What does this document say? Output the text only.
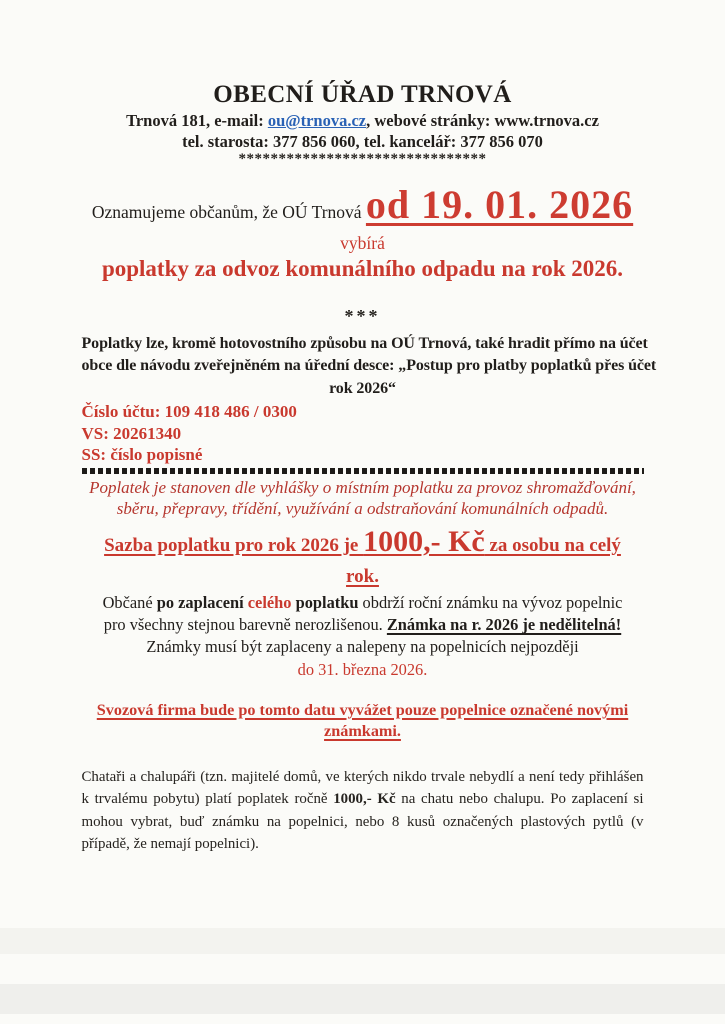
OBECNÍ ÚŘAD TRNOVÁ
Trnová 181, e-mail: ou@trnova.cz, webové stránky: www.trnova.cz
tel. starosta: 377 856 060, tel. kancelář: 377 856 070
*******************************
Oznamujeme občanům, že OÚ Trnová od 19. 01. 2026
vybírá
poplatky za odvoz komunálního odpadu na rok 2026.
***
Poplatky lze, kromě hotovostního způsobu na OÚ Trnová, také hradit přímo na účet
obce dle návodu zveřejněném na úřední desce: „Postup pro platby poplatků přes účet
rok 2026“
Číslo účtu: 109 418 486 / 0300
VS: 20261340
SS: číslo popisné
Poplatek je stanoven dle vyhlášky o místním poplatku za provoz shromažďování,
sběru, přepravy, třídění, využívání a odstraňování komunálních odpadů.
Sazba poplatku pro rok 2026 je 1000,- Kč za osobu na celý
rok.
Občané po zaplacení celého poplatku obdrží roční známku na vývoz popelnic
pro všechny stejnou barevně nerozlišenou. Známka na r. 2026 je nedělitelná!
Známky musí být zaplaceny a nalepeny na popelnicích nejpozději
do 31. března 2026.
Svozová firma bude po tomto datu vyvážet pouze popelnice označené novými
známkami.
Chataři a chalupáři (tzn. majitelé domů, ve kterých nikdo trvale nebydlí a není tedy přihlášen
k trvalému pobytu) platí poplatek ročně 1000,- Kč na chatu nebo chalupu. Po zaplacení si
mohou vybrat, buď známku na popelnici, nebo 8 kusů označených plastových pytlů (v
případě, že nemají popelnici).
